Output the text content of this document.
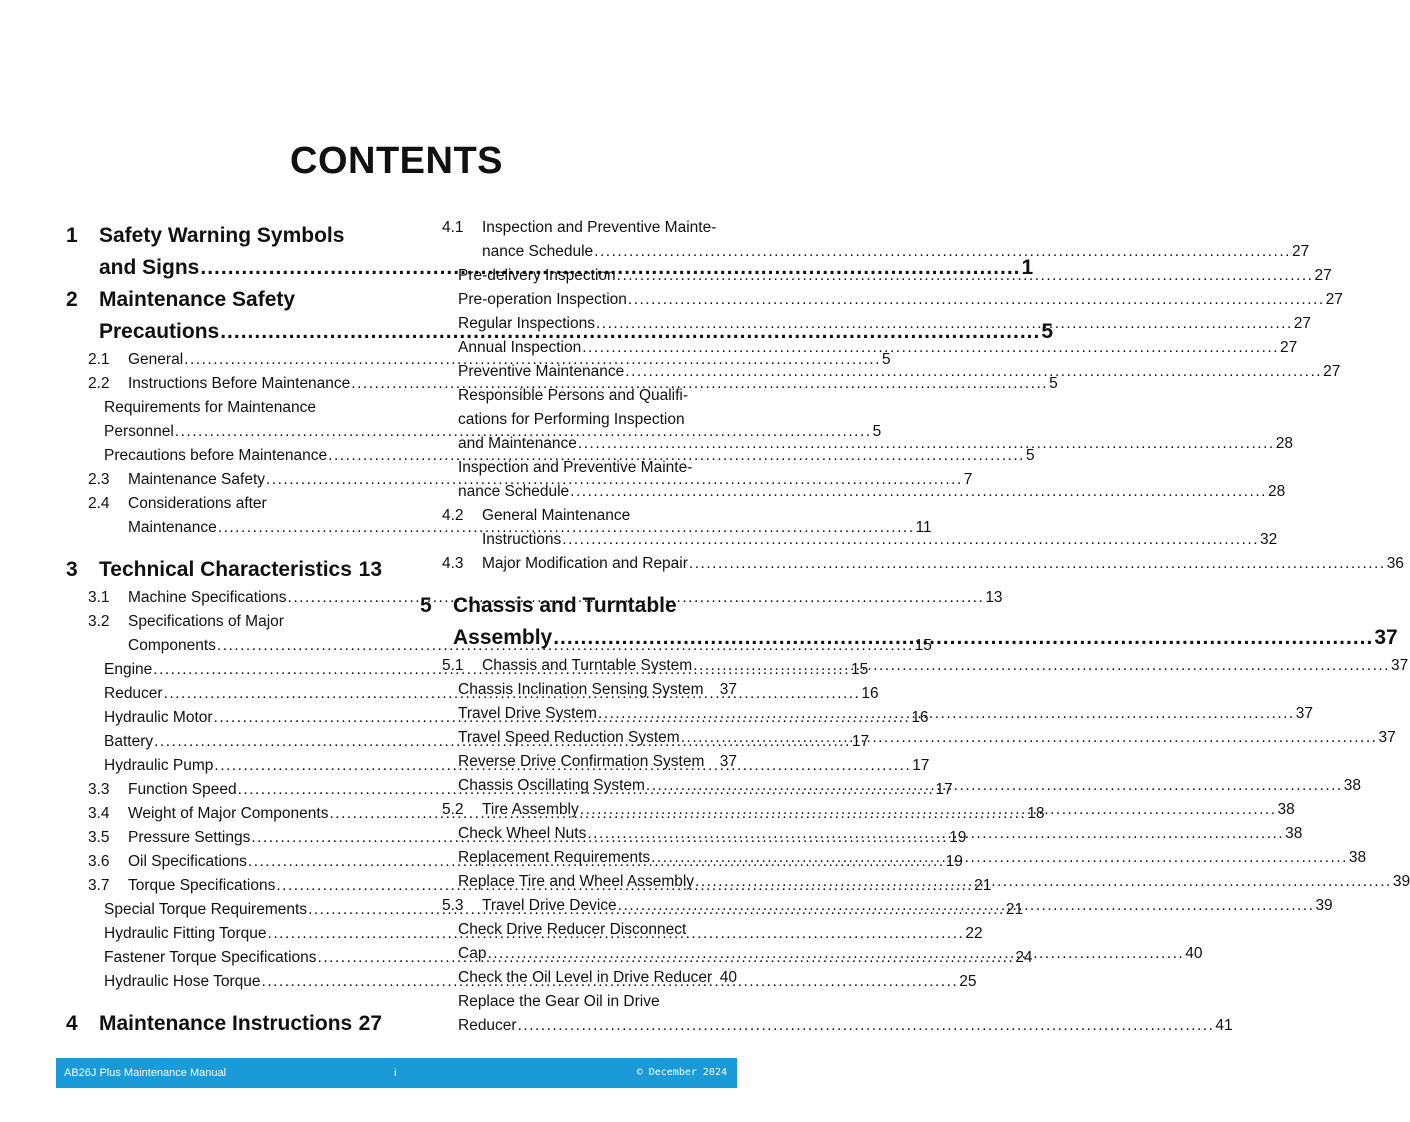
CONTENTS
1 Safety Warning Symbols
and Signs .....	1
2 Maintenance Safety
Precautions .....	5
2.1 General .....	5
2.2 Instructions Before Maintenance .....	5
Requirements for Maintenance
Personnel .....	5
Precautions before Maintenance .....	5
2.3 Maintenance Safety .....	7
2.4 Considerations after
Maintenance .....	11
3 Technical Characteristics 13
3.1 Machine Specifications .....	13
3.2 Specifications of Major
Components .....	15
Engine .....	15
Reducer .....	16
Hydraulic Motor .....	16
Battery .....	17
Hydraulic Pump .....	17
3.3 Function Speed .....	17
3.4 Weight of Major Components .....	18
3.5 Pressure Settings .....	19
3.6 Oil Specifications .....	19
3.7 Torque Specifications .....	21
Special Torque Requirements .....	21
Hydraulic Fitting Torque .....	22
Fastener Torque Specifications .....	24
Hydraulic Hose Torque .....	25
4 Maintenance Instructions 27
4.1 Inspection and Preventive Mainte-
nance Schedule .....	27
Pre-delivery Inspection .....	27
Pre-operation Inspection .....	27
Regular Inspections .....	27
Annual Inspection .....	27
Preventive Maintenance .....	27
Responsible Persons and Qualifi-
cations for Performing Inspection
and Maintenance .....	28
Inspection and Preventive Mainte-
nance Schedule .....	28
4.2 General Maintenance
Instructions .....	32
4.3 Major Modification and Repair .....	36
5 Chassis and Turntable
Assembly .....	37
5.1 Chassis and Turntable System .....	37
Chassis Inclination Sensing System 37
Travel Drive System .....	37
Travel Speed Reduction System .....	37
Reverse Drive Confirmation System 37
Chassis Oscillating System .....	38
5.2 Tire Assembly .....	38
Check Wheel Nuts .....	38
Replacement Requirements .....	38
Replace Tire and Wheel Assembly .....	39
5.3 Travel Drive Device .....	39
Check Drive Reducer Disconnect
Cap .....	40
Check the Oil Level in Drive Reducer 40
Replace the Gear Oil in Drive
Reducer .....	41
AB26J Plus Maintenance Manual	i	© December 2024
